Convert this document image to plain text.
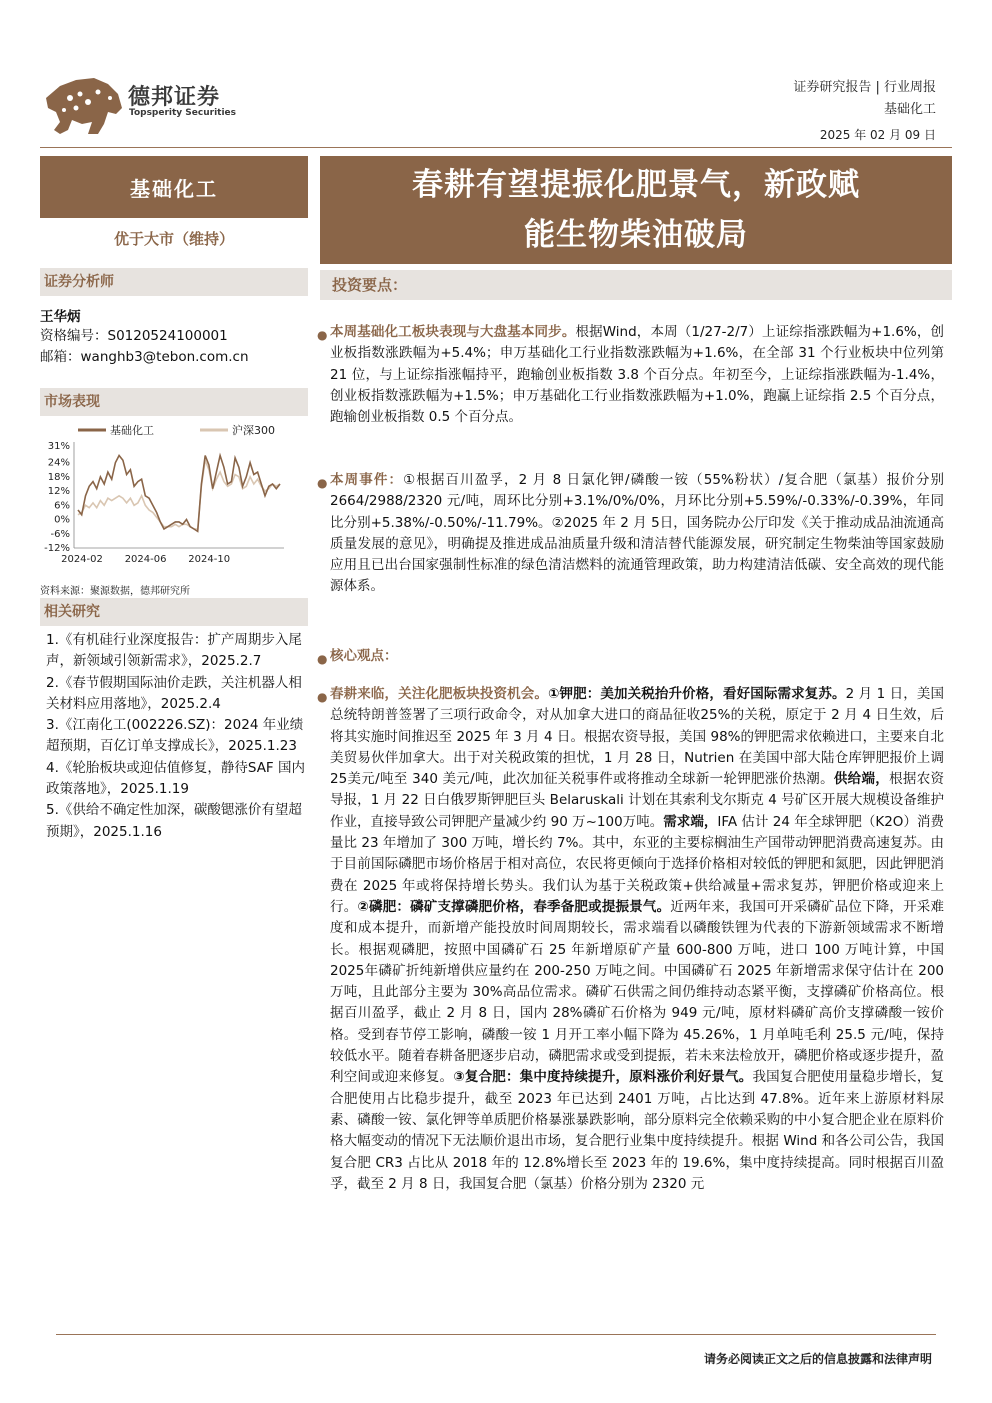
德邦证券
Topsperity Securities
证券研究报告 | 行业周报
基础化工
2025 年 02 月 09 日
基础化工
优于大市（维持）
证券分析师
王华炳
资格编号：S0120524100001
邮箱：wanghb3@tebon.com.cn
市场表现
基础化工	沪深300
31%
24%
18%
12%
6%
0%
-6%
-12%
2024-02 2024-06 2024-10
资料来源：聚源数据，德邦研究所
相关研究
1.《有机硅行业深度报告：扩产周期步入尾声，新领域引领新需求》，2025.2.7
2.《春节假期国际油价走跌，关注机器人相关材料应用落地》，2025.2.4
3.《江南化工(002226.SZ)：2024 年业绩超预期，百亿订单支撑成长》，2025.1.23
4.《轮胎板块或迎估值修复，静待SAF 国内政策落地》，2025.1.19
5.《供给不确定性加深，碳酸锶涨价有望超预期》，2025.1.16
春耕有望提振化肥景气，新政赋
能生物柴油破局
投资要点：
● 本周基础化工板块表现与大盘基本同步。根据Wind，本周（1/27-2/7）上证综指涨跌幅为+1.6%，创业板指数涨跌幅为+5.4%；申万基础化工行业指数涨跌幅为+1.6%，在全部 31 个行业板块中位列第 21 位，与上证综指涨幅持平，跑输创业板指数 3.8 个百分点。年初至今，上证综指涨跌幅为-1.4%，创业板指数涨跌幅为+1.5%；申万基础化工行业指数涨跌幅为+1.0%，跑赢上证综指 2.5 个百分点，跑输创业板指数 0.5 个百分点。
● 本周事件：①根据百川盈孚，2 月 8 日氯化钾/磷酸一铵（55%粉状）/复合肥（氯基）报价分别 2664/2988/2320 元/吨，周环比分别+3.1%/0%/0%，月环比分别+5.59%/-0.33%/-0.39%，年同比分别+5.38%/-0.50%/-11.79%。②2025 年 2 月 5日，国务院办公厅印发《关于推动成品油流通高质量发展的意见》，明确提及推进成品油质量升级和清洁替代能源发展，研究制定生物柴油等国家鼓励应用且已出台国家强制性标准的绿色清洁燃料的流通管理政策，助力构建清洁低碳、安全高效的现代能源体系。
● 核心观点：
● 春耕来临，关注化肥板块投资机会。①钾肥：美加关税抬升价格，看好国际需求复苏。2 月 1 日，美国总统特朗普签署了三项行政命令，对从加拿大进口的商品征收25%的关税，原定于 2 月 4 日生效，后将其实施时间推迟至 2025 年 3 月 4 日。根据农资导报，美国 98%的钾肥需求依赖进口，主要来自北美贸易伙伴加拿大。出于对关税政策的担忧，1 月 28 日，Nutrien 在美国中部大陆仓库钾肥报价上调 25美元/吨至 340 美元/吨，此次加征关税事件或将推动全球新一轮钾肥涨价热潮。供给端，根据农资导报，1 月 22 日白俄罗斯钾肥巨头 Belaruskali 计划在其索利戈尔斯克 4 号矿区开展大规模设备维护作业，直接导致公司钾肥产量减少约 90 万~100万吨。需求端，IFA 估计 24 年全球钾肥（K2O）消费量比 23 年增加了 300 万吨，增长约 7%。其中，东亚的主要棕榈油生产国带动钾肥消费高速复苏。由于目前国际磷肥市场价格居于相对高位，农民将更倾向于选择价格相对较低的钾肥和氮肥，因此钾肥消费在 2025 年或将保持增长势头。我们认为基于关税政策+供给减量+需求复苏，钾肥价格或迎来上行。②磷肥：磷矿支撑磷肥价格，春季备肥或提振景气。近两年来，我国可开采磷矿品位下降，开采难度和成本提升，而新增产能投放时间周期较长，需求端看以磷酸铁锂为代表的下游新领域需求不断增长。根据观磷肥，按照中国磷矿石 25 年新增原矿产量 600-800 万吨，进口 100 万吨计算，中国 2025年磷矿折纯新增供应量约在 200-250 万吨之间。中国磷矿石 2025 年新增需求保守估计在 200 万吨，且此部分主要为 30%高品位需求。磷矿石供需之间仍维持动态紧平衡，支撑磷矿价格高位。根据百川盈孚，截止 2 月 8 日，国内 28%磷矿石价格为 949 元/吨，原材料磷矿高价支撑磷酸一铵价格。受到春节停工影响，磷酸一铵 1 月开工率小幅下降为 45.26%，1 月单吨毛利 25.5 元/吨，保持较低水平。随着春耕备肥逐步启动，磷肥需求或受到提振，若未来法检放开，磷肥价格或逐步提升，盈利空间或迎来修复。③复合肥：集中度持续提升，原料涨价利好景气。我国复合肥使用量稳步增长，复合肥使用占比稳步提升，截至 2023 年已达到 2401 万吨，占比达到 47.8%。近年来上游原材料尿素、磷酸一铵、氯化钾等单质肥价格暴涨暴跌影响，部分原料完全依赖采购的中小复合肥企业在原料价格大幅变动的情况下无法顺价退出市场，复合肥行业集中度持续提升。根据 Wind 和各公司公告，我国复合肥 CR3 占比从 2018 年的 12.8%增长至 2023 年的 19.6%，集中度持续提高。同时根据百川盈孚，截至 2 月 8 日，我国复合肥（氯基）价格分别为 2320 元
请务必阅读正文之后的信息披露和法律声明
